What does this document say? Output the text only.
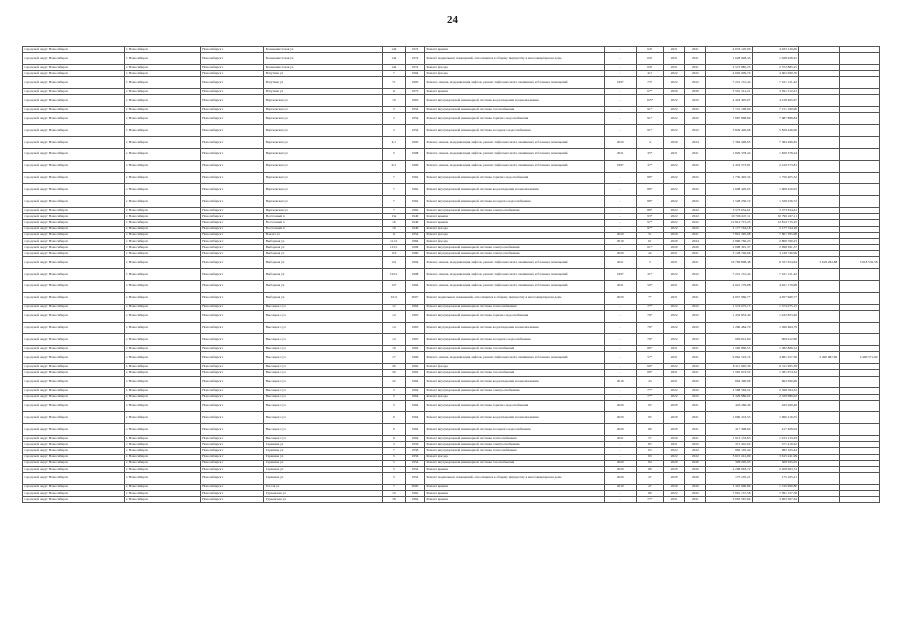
24
городской округ Новосибирск	г. Новосибирск	Новосибирск г	Большевистская ул	144	1974	Ремонт крыши	-	647	2021	2021	4 633 120,00	4 633 120,00		
городской округ Новосибирск	г. Новосибирск	Новосибирск г	Большевистская ул	144	1974	Ремонт подвальных помещений, относящихся к общему имуществу в многоквартирном доме	-	647	2021	2021	1 028 928,45	1 028 928,45		
городской округ Новосибирск	г. Новосибирск	Новосибирск г	Большевистская ул	144	1974	Ремонт фасада	-	647	2021	2021	2 572 885,25	2 572 885,25		
городской округ Новосибирск	г. Новосибирск	Новосибирск г	Ватутина ул	7	1994	Ремонт фасада	-	417	2022	2022	4 602 099,70	4 602 099,70		
городской округ Новосибирск	г. Новосибирск	Новосибирск г	Ватутина ул	71	1993	Ремонт, замена, модернизация лифтов, ремонт лифтовых шахт, машинных и блочных помещений	1997	73*	2022	2022	7 221 131,42	7 221 131,42		
городской округ Новосибирск	г. Новосибирск	Новосибирск г	Ватутина ул	11	1973	Ремонт крыши	-	67*	2020	2020	3 591 312,21	3 591 312,21		
городской округ Новосибирск	г. Новосибирск	Новосибирск г	Вертковская ул	10	1963	Ремонт внутридомовой инженерной системы водоотведения и канализования	-	105*	2022	2022	4 418 495,67	4 418 495,67		
городской округ Новосибирск	г. Новосибирск	Новосибирск г	Вертковская ул	2	1954	Ремонт внутридомовой инженерной системы газоснабжения	-	91*	2022	2022	7 151 199,90	7 151 199,90		
городской округ Новосибирск	г. Новосибирск	Новосибирск г	Вертковская ул	2	1954	Ремонт внутридомовой инженерной системы горячего водоснабжения	-	91*	2022	2022	7 687 898,84	7 687 898,84		
городской округ Новосибирск	г. Новосибирск	Новосибирск г	Вертковская ул	2	1954	Ремонт внутридомовой инженерной системы холодного водоснабжения	-	91*	2022	2022	5 829 446,06	5 829 446,06		
городской округ Новосибирск	г. Новосибирск	Новосибирск г	Вертковская ул	4/1	1993	Ремонт, замена, модернизация лифтов, ремонт лифтовых шахт, машинных и блочных помещений	2020	4	2020	2024	7 384 496,65	7 384 496,65		
городской округ Новосибирск	г. Новосибирск	Новосибирск г	Вертковская ул	5	1998	Ремонт, замена, модернизация лифтов, ремонт лифтовых шахт, машинных и блочных помещений	2021	35*	2021	2021	1 829 378,24	1 829 378,24		
городской округ Новосибирск	г. Новосибирск	Новосибирск г	Вертковская ул	6/1	1996	Ремонт, замена, модернизация лифтов, ремонт лифтовых шахт, машинных и блочных помещений	1997	37*	2022	2022	2 419 573,81	2 419 573,81		
городской округ Новосибирск	г. Новосибирск	Новосибирск г	Вертковская ул	7	1962	Ремонт внутридомовой инженерной системы горячего водоснабжения	-	86*	2022	2022	1 756 405,32	1 756 405,32		
городской округ Новосибирск	г. Новосибирск	Новосибирск г	Вертковская ул	7	1962	Ремонт внутридомовой инженерной системы водоотведения и канализования	-	86*	2022	2022	1 608 420,03	1 608 420,03		
городской округ Новосибирск	г. Новосибирск	Новосибирск г	Вертковская ул	7	1962	Ремонт внутридомовой инженерной системы холодного водоснабжения	-	86*	2022	2022	1 528 236,72	1 528 236,72		
городской округ Новосибирск	г. Новосибирск	Новосибирск г	Вертковская ул	7	1962	Ремонт внутридомовой инженерной системы электроснабжения	-	86*	2022	2022	3 573 634,61	3 573 634,61		
городской округ Новосибирск	г. Новосибирск	Новосибирск г	Восточный п	13a	1949	Ремонт крыши	-	93*	2022	2022	10 796 247,11	10 796 247,11		
городской округ Новосибирск	г. Новосибирск	Новосибирск г	Восточный п	16	1949	Ремонт крыши	-	97*	2022	2022	12 814 715,25	12 814 715,25		
городской округ Новосибирск	г. Новосибирск	Новосибирск г	Восточный п	16	1949	Ремонт фасада	-	97*	2022	2022	2 177 744,18	2 177 744,18		
городской округ Новосибирск	г. Новосибирск	Новосибирск г	Вокзал ул	11	1954	Ремонт фасада	2020	51	2020	2021	7 801 395,98	7 801 395,98		
городской округ Новосибирск	г. Новосибирск	Новосибирск г	Выборная ул	111/1	1984	Ремонт фасада	2019	61	2020	2024	2 806 760,23	2 806 760,23		
городской округ Новосибирск	г. Новосибирск	Новосибирск г	Выборная ул	115/1	1996	Ремонт внутридомовой инженерной системы электроснабжения	-	61*	2020	2020	2 098 391,37	2 098 391,37		
городской округ Новосибирск	г. Новосибирск	Новосибирск г	Выборная ул	119	1980	Ремонт внутридомовой инженерной системы электроснабжения	2020	42	2021	2021	3 128 746,96	3 128 746,96		
городской округ Новосибирск	г. Новосибирск	Новосибирск г	Выборная ул	121	1994	Ремонт, замена, модернизация лифтов, ремонт лифтовых шахт, машинных и блочных помещений	2021	5	2021	2021	16 769 808,48	9 527 054,64	3 618 262,88	3 618 532,58
городской округ Новосибирск	г. Новосибирск	Новосибирск г	Выборная ул	125/1	1998	Ремонт, замена, модернизация лифтов, ремонт лифтовых шахт, машинных и блочных помещений	1997	31*	2022	2022	7 221 131,42	7 221 131,42		
городской округ Новосибирск	г. Новосибирск	Новосибирск г	Выборная ул	127	1994	Ремонт, замена, модернизация лифтов, ремонт лифтовых шахт, машинных и блочных помещений	2021	59*	2021	2021	4 921 179,98	4 921 179,98		
городской округ Новосибирск	г. Новосибирск	Новосибирск г	Выборная ул	91/4	2007	Ремонт подвальных помещений, относящихся к общему имуществу в многоквартирном доме	2020	7*	2021	2021	4 957 960,77	4 957 960,77		
городской округ Новосибирск	г. Новосибирск	Новосибирск г	Высоцкого ул	12	1964	Ремонт внутридомовой инженерной системы теплоснабжения	-	77*	2022	2022	1 574 075,15	1 574 075,15		
городской округ Новосибирск	г. Новосибирск	Новосибирск г	Высоцкого ул	14	1963	Ремонт внутридомовой инженерной системы горячего водоснабжения	-	79*	2022	2022	1 432 853,40	1 432 853,40		
городской округ Новосибирск	г. Новосибирск	Новосибирск г	Высоцкого ул	14	1963	Ремонт внутридомовой инженерной системы водоотведения и канализования	-	79*	2022	2022	1 266 484,79	1 266 484,79		
городской округ Новосибирск	г. Новосибирск	Новосибирск г	Высоцкого ул	14	1963	Ремонт внутридомовой инженерной системы холодного водоснабжения	-	79*	2022	2022	909 612,60	909 612,60		
городской округ Новосибирск	г. Новосибирск	Новосибирск г	Высоцкого ул	16	1962	Ремонт внутридомовой инженерной системы газоснабжения	-	86*	2021	2021	1 582 866,53	1 582 866,53		
городской округ Новосибирск	г. Новосибирск	Новосибирск г	Высоцкого ул	17	1996	Ремонт, замена, модернизация лифтов, ремонт лифтовых шахт, машинных и блочных помещений	-	57*	2021	2021	9 962 516,74	4 981 257,36	2 490 687,69	2 490 571,69
городской округ Новосибирск	г. Новосибирск	Новосибирск г	Высоцкого ул	26	1962	Ремонт фасада	-	69*	2022	2022	6 311 995,39	6 311 995,39		
городской округ Новосибирск	г. Новосибирск	Новосибирск г	Высоцкого ул	26	1962	Ремонт внутридомовой инженерной системы газоснабжения	-	89*	2021	2021	1 581 674,52	1 581 674,52		
городской округ Новосибирск	г. Новосибирск	Новосибирск г	Высоцкого ул	32	1964	Ремонт внутридомовой инженерной системы водоотведения и канализования	2016	43	2021	2022	664 390,99	664 390,99		
городской округ Новосибирск	г. Новосибирск	Новосибирск г	Высоцкого ул	5	1964	Ремонт внутридомовой инженерной системы электроснабжения	-	77*	2022	2022	2 598 564,52	2 598 564,52		
городской округ Новосибирск	г. Новосибирск	Новосибирск г	Высоцкого ул	5	1964	Ремонт фасада	-	77*	2022	2022	2 329 986,02	2 329 986,02		
городской округ Новосибирск	г. Новосибирск	Новосибирск г	Высоцкого ул	5	1964	Ремонт внутридомовой инженерной системы горячего водоснабжения	2020	95	2020	2021	443 269,49	443 269,49		
городской округ Новосибирск	г. Новосибирск	Новосибирск г	Высоцкого ул	6	1964	Ремонт внутридомовой инженерной системы водоотведения и канализования	2020	95	2020	2021	1 690 216,55	1 690 216,55		
городской округ Новосибирск	г. Новосибирск	Новосибирск г	Высоцкого ул	6	1964	Ремонт внутридомовой инженерной системы холодного водоснабжения	2020	80	2020	2021	417 408,94	417 408,94		
городской округ Новосибирск	г. Новосибирск	Новосибирск г	Высоцкого ул	6	1964	Ремонт внутридомовой инженерной системы теплоснабжения	2021	57	2020	2021	1 913 133,63	1 913 133,63		
городской округ Новосибирск	г. Новосибирск	Новосибирск г	Гаранина ул	3	1956	Ремонт внутридомовой инженерной системы электроснабжения	-	85	2021	2022	371 410,02	371 410,02		
городской округ Новосибирск	г. Новосибирск	Новосибирск г	Гаранина ул	7	1958	Ремонт внутридомовой инженерной системы теплоснабжения	-	63	2022	2022	982 165,44	982 165,44		
городской округ Новосибирск	г. Новосибирск	Новосибирск г	Гаранина ул	5	1956	Ремонт фасада	-	63	2022	2022	3 615 241,99	3 615 241,99		
городской округ Новосибирск	г. Новосибирск	Новосибирск г	Гаранина ул	5	1954	Ремонт внутридомовой инженерной системы газоснабжения	2020	84	2020	2020	308 295,05	308 295,05		
городской округ Новосибирск	г. Новосибирск	Новосибирск г	Гаранина ул	5	1954	Ремонт крыши	2020	86	2020	2020	2 208 663,72	2 208 663,72		
городской округ Новосибирск	г. Новосибирск	Новосибирск г	Гаранина ул	5	1954	Ремонт подвальных помещений, относящихся к общему имуществу в многоквартирном доме	2020	47	2020	2020	175 105,21	175 105,21		
городской округ Новосибирск	г. Новосибирск	Новосибирск г	Гоголя ул	7	2000	Ремонт крыши	2019	47	2020	2020	1 310 990,80	1 310 990,80		
городской округ Новосибирск	г. Новосибирск	Новосибирск г	Гурьевская ул	10	1962	Ремонт крыши	-	80	2022	2022	7 091 157,58	7 091 157,58		
городской округ Новосибирск	г. Новосибирск	Новосибирск г	Гурьевская ул	18	1964	Ремонт крыши	-	77*	2021	2021	3 063 567,64	3 063 567,64		
